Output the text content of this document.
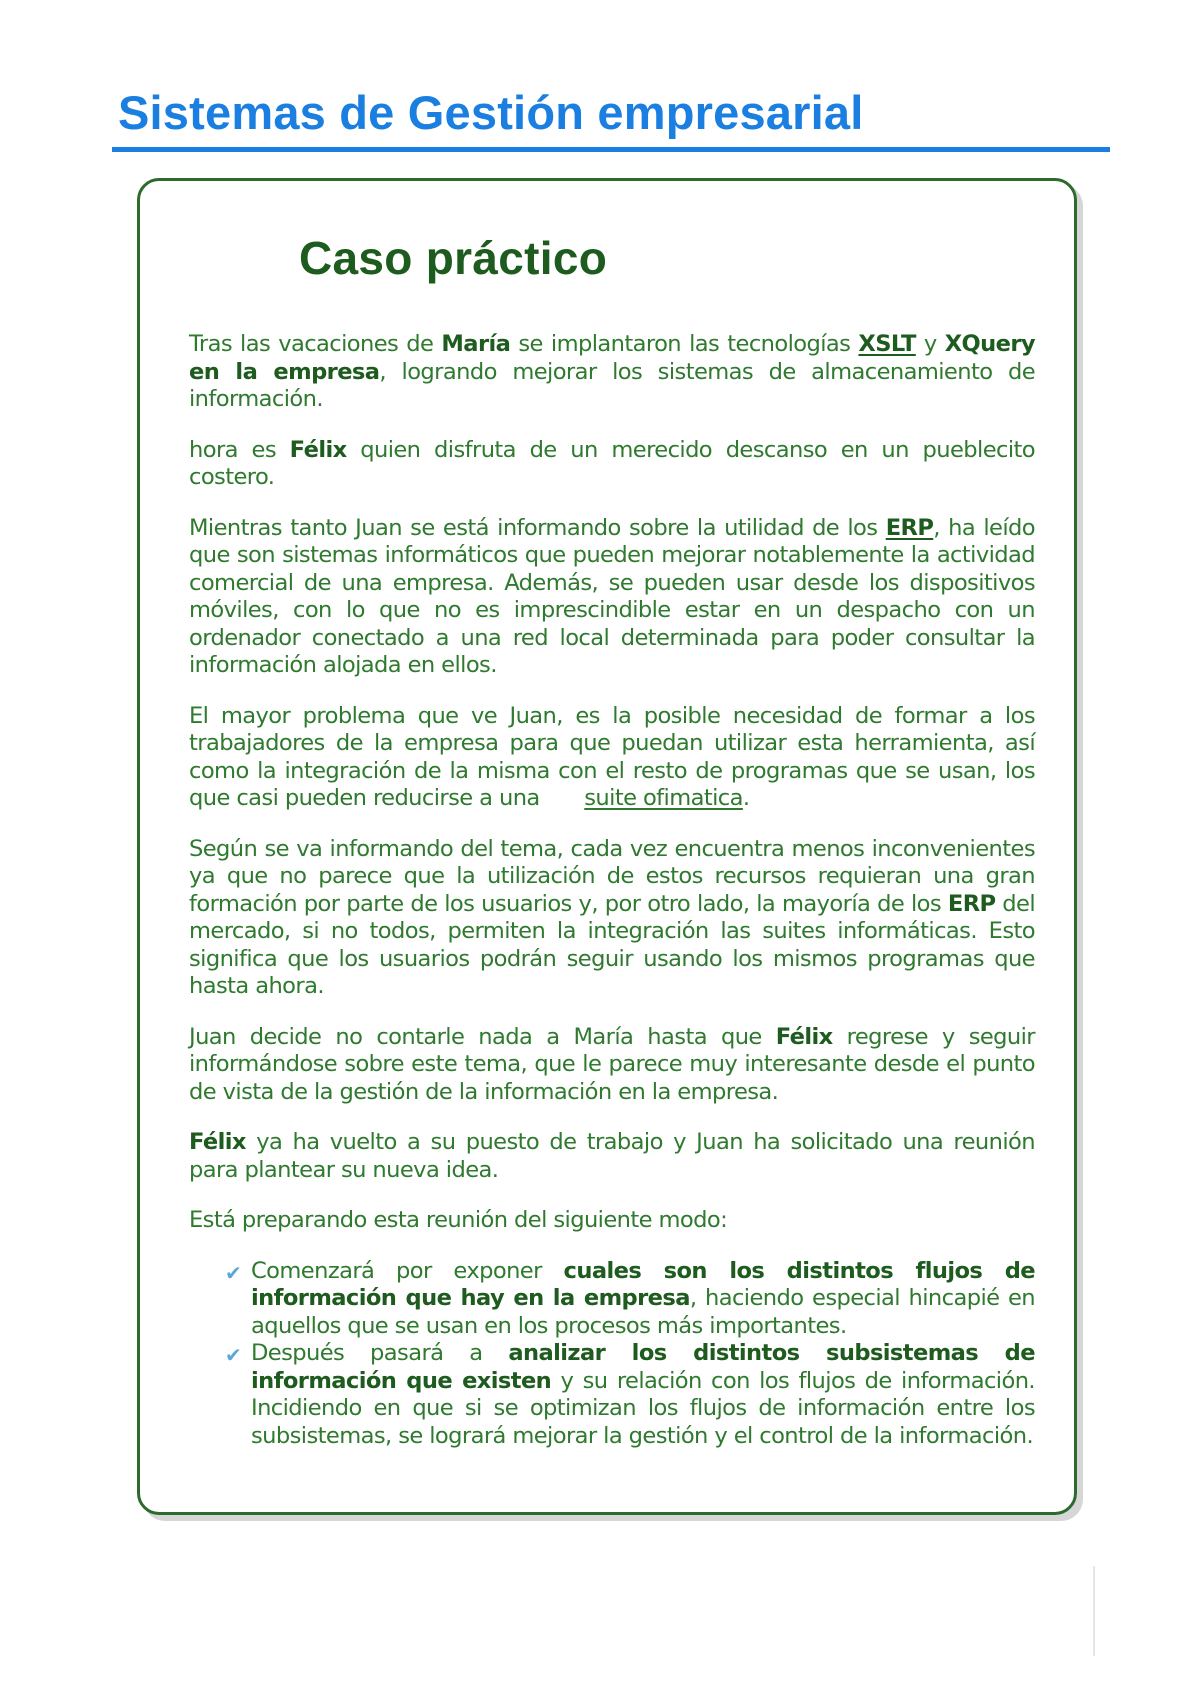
Sistemas de Gestión empresarial
Caso práctico

Tras las vacaciones de María se implantaron las tecnologías XSLT y XQuery en la empresa, logrando mejorar los sistemas de almacenamiento de información.

hora es Félix quien disfruta de un merecido descanso en un pueblecito costero.

Mientras tanto Juan se está informando sobre la utilidad de los ERP, ha leído que son sistemas informáticos que pueden mejorar notablemente la actividad comercial de una empresa. Además, se pueden usar desde los dispositivos móviles, con lo que no es imprescindible estar en un despacho con un ordenador conectado a una red local determinada para poder consultar la información alojada en ellos.

El mayor problema que ve Juan, es la posible necesidad de formar a los trabajadores de la empresa para que puedan utilizar esta herramienta, así como la integración de la misma con el resto de programas que se usan, los que casi pueden reducirse a una suite ofimatica.

Según se va informando del tema, cada vez encuentra menos inconvenientes ya que no parece que la utilización de estos recursos requieran una gran formación por parte de los usuarios y, por otro lado, la mayoría de los ERP del mercado, si no todos, permiten la integración las suites informáticas. Esto significa que los usuarios podrán seguir usando los mismos programas que hasta ahora.

Juan decide no contarle nada a María hasta que Félix regrese y seguir informándose sobre este tema, que le parece muy interesante desde el punto de vista de la gestión de la información en la empresa.

Félix ya ha vuelto a su puesto de trabajo y Juan ha solicitado una reunión para plantear su nueva idea.

Está preparando esta reunión del siguiente modo:

✔ Comenzará por exponer cuales son los distintos flujos de información que hay en la empresa, haciendo especial hincapié en aquellos que se usan en los procesos más importantes.
✔ Después pasará a analizar los distintos subsistemas de información que existen y su relación con los flujos de información. Incidiendo en que si se optimizan los flujos de información entre los subsistemas, se logrará mejorar la gestión y el control de la información.
